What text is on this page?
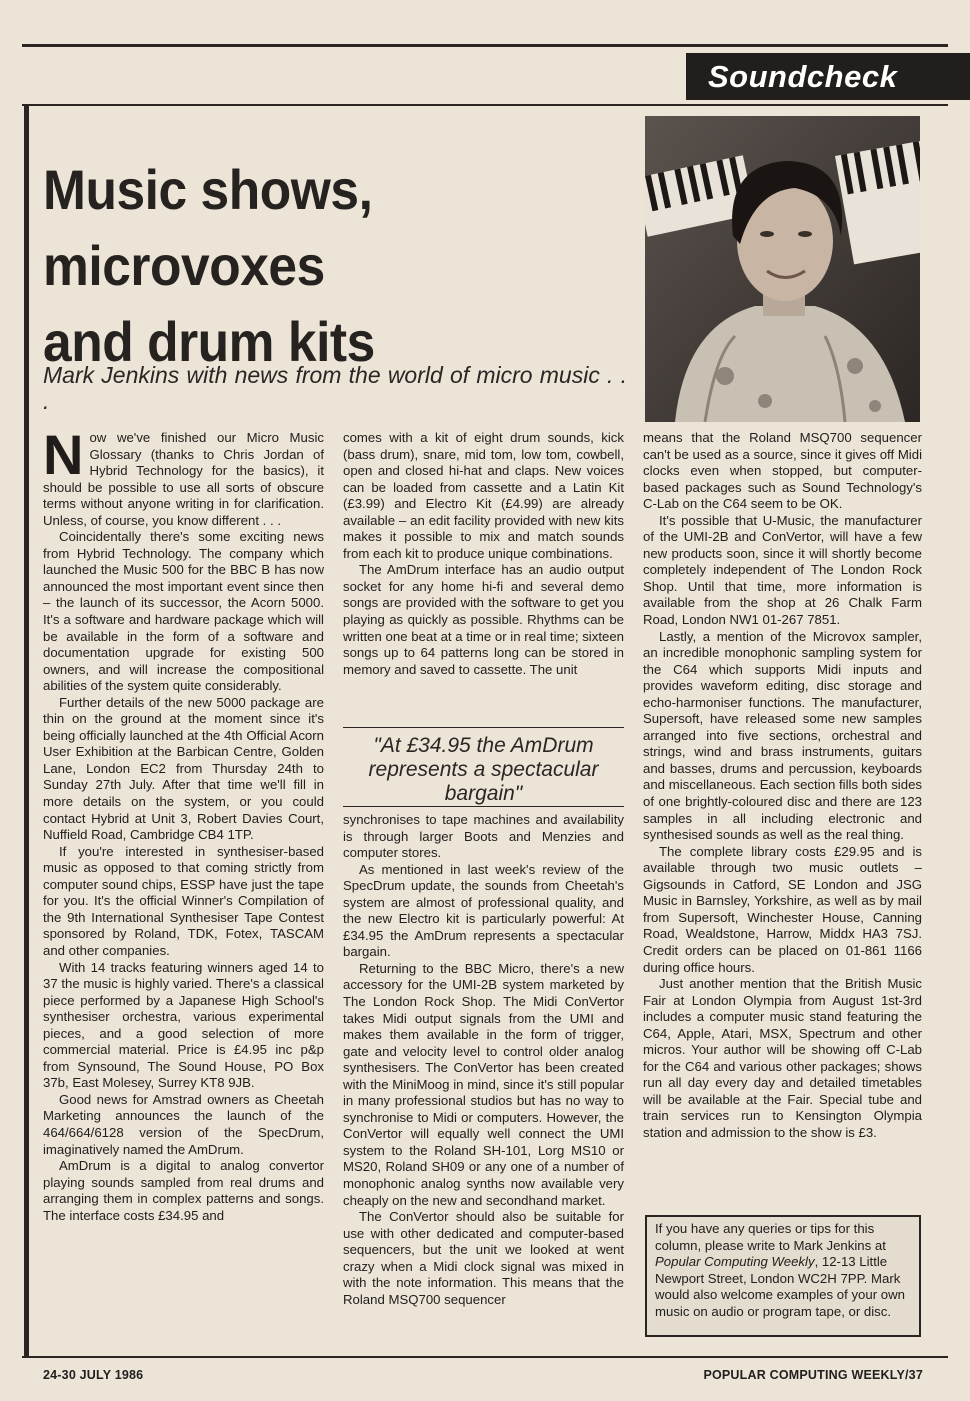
Soundcheck
Music shows, microvoxes
and drum kits
Mark Jenkins with news from the world of micro music . . .

N ow we've finished our Micro Music Glossary (thanks to Chris Jordan of Hybrid Technology for the basics), it should be possible to use all sorts of obscure terms without anyone writing in for clarification. Unless, of course, you know different . . .

Coincidentally there's some exciting news from Hybrid Technology. The company which launched the Music 500 for the BBC B has now announced the most important event since then – the launch of its successor, the Acorn 5000. It's a software and hardware package which will be available in the form of a software and documentation upgrade for existing 500 owners, and will increase the compositional abilities of the system quite considerably.

Further details of the new 5000 package are thin on the ground at the moment since it's being officially launched at the 4th Official Acorn User Exhibition at the Barbican Centre, Golden Lane, London EC2 from Thursday 24th to Sunday 27th July. After that time we'll fill in more details on the system, or you could contact Hybrid at Unit 3, Robert Davies Court, Nuffield Road, Cambridge CB4 1TP.

If you're interested in synthesiser-based music as opposed to that coming strictly from computer sound chips, ESSP have just the tape for you. It's the official Winner's Compilation of the 9th International Synthesiser Tape Contest sponsored by Roland, TDK, Fotex, TASCAM and other companies.

With 14 tracks featuring winners aged 14 to 37 the music is highly varied. There's a classical piece performed by a Japanese High School's synthesiser orchestra, various experimental pieces, and a good selection of more commercial material. Price is £4.95 inc p&p from Synsound, The Sound House, PO Box 37b, East Molesey, Surrey KT8 9JB.

Good news for Amstrad owners as Cheetah Marketing announces the launch of the 464/664/6128 version of the SpecDrum, imaginatively named the AmDrum.

AmDrum is a digital to analog convertor playing sounds sampled from real drums and arranging them in complex patterns and songs. The interface costs £34.95 and

comes with a kit of eight drum sounds, kick (bass drum), snare, mid tom, low tom, cowbell, open and closed hi-hat and claps. New voices can be loaded from cassette and a Latin Kit (£3.99) and Electro Kit (£4.99) are already available – an edit facility provided with new kits makes it possible to mix and match sounds from each kit to produce unique combinations.

The AmDrum interface has an audio output socket for any home hi-fi and several demo songs are provided with the software to get you playing as quickly as possible. Rhythms can be written one beat at a time or in real time; sixteen songs up to 64 patterns long can be stored in memory and saved to cassette. The unit

"At £34.95 the AmDrum represents a spectacular bargain"

synchronises to tape machines and availability is through larger Boots and Menzies and computer stores.

As mentioned in last week's review of the SpecDrum update, the sounds from Cheetah's system are almost of professional quality, and the new Electro kit is particularly powerful: At £34.95 the AmDrum represents a spectacular bargain.

Returning to the BBC Micro, there's a new accessory for the UMI-2B system marketed by The London Rock Shop. The Midi ConVertor takes Midi output signals from the UMI and makes them available in the form of trigger, gate and velocity level to control older analog synthesisers. The ConVertor has been created with the MiniMoog in mind, since it's still popular in many professional studios but has no way to synchronise to Midi or computers. However, the ConVertor will equally well connect the UMI system to the Roland SH-101, Lorg MS10 or MS20, Roland SH09 or any one of a number of monophonic analog synths now available very cheaply on the new and secondhand market.

The ConVertor should also be suitable for use with other dedicated and computer-based sequencers, but the unit we looked at went crazy when a Midi clock signal was mixed in with the note information. This means that the Roland MSQ700 sequencer

means that the Roland MSQ700 sequencer can't be used as a source, since it gives off Midi clocks even when stopped, but computer-based packages such as Sound Technology's C-Lab on the C64 seem to be OK.

It's possible that U-Music, the manufacturer of the UMI-2B and ConVertor, will have a few new products soon, since it will shortly become completely independent of The London Rock Shop. Until that time, more information is available from the shop at 26 Chalk Farm Road, London NW1 01-267 7851.

Lastly, a mention of the Microvox sampler, an incredible monophonic sampling system for the C64 which supports Midi inputs and provides waveform editing, disc storage and echo-harmoniser functions. The manufacturer, Supersoft, have released some new samples arranged into five sections, orchestral and strings, wind and brass instruments, guitars and basses, drums and percussion, keyboards and miscellaneous. Each section fills both sides of one brightly-coloured disc and there are 123 samples in all including electronic and synthesised sounds as well as the real thing.

The complete library costs £29.95 and is available through two music outlets – Gigsounds in Catford, SE London and JSG Music in Barnsley, Yorkshire, as well as by mail from Supersoft, Winchester House, Canning Road, Wealdstone, Harrow, Middx HA3 7SJ. Credit orders can be placed on 01-861 1166 during office hours.

Just another mention that the British Music Fair at London Olympia from August 1st-3rd includes a computer music stand featuring the C64, Apple, Atari, MSX, Spectrum and other micros. Your author will be showing off C-Lab for the C64 and various other packages; shows run all day every day and detailed timetables will be available at the Fair. Special tube and train services run to Kensington Olympia station and admission to the show is £3.

If you have any queries or tips for this column, please write to Mark Jenkins at Popular Computing Weekly, 12-13 Little Newport Street, London WC2H 7PP. Mark would also welcome examples of your own music on audio or program tape, or disc.
24-30 JULY 1986	POPULAR COMPUTING WEEKLY/37
